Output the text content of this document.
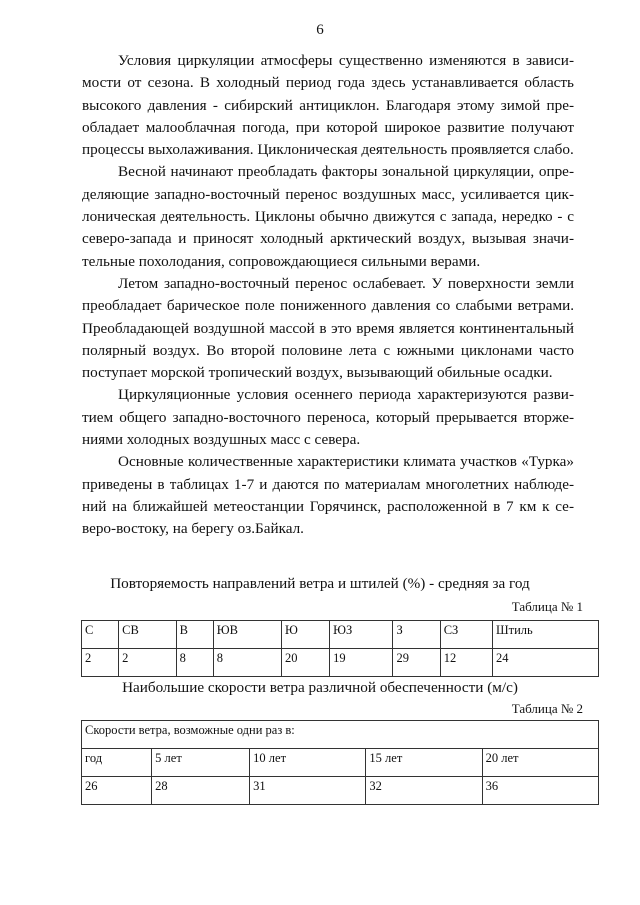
6

Условия циркуляции атмосферы существенно изменяются в зависимости от сезона. В холодный период года здесь устанавливается область высокого давления - сибирский антициклон. Благодаря этому зимой преобладает малооблачная погода, при которой широкое развитие получают процессы выхолаживания. Циклоническая деятельность проявляется слабо.

Весной начинают преобладать факторы зональной циркуляции, определяющие западно-восточный перенос воздушных масс, усиливается циклоническая деятельность. Циклоны обычно движутся с запада, нередко - с северо-запада и приносят холодный арктический воздух, вызывая значительные похолодания, сопровождающиеся сильными верами.

Летом западно-восточный перенос ослабевает. У поверхности земли преобладает барическое поле пониженного давления со слабыми ветрами. Преобладающей воздушной массой в это время является континентальный полярный воздух. Во второй половине лета с южными циклонами часто поступает морской тропический воздух, вызывающий обильные осадки.

Циркуляционные условия осеннего периода характеризуются развитием общего западно-восточного переноса, который прерывается вторжениями холодных воздушных масс с севера.

Основные количественные характеристики климата участков «Турка» приведены в таблицах 1-7 и даются по материалам многолетних наблюдений на ближайшей метеостанции Горячинск, расположенной в 7 км к северо-востоку, на берегу оз.Байкал.

Повторяемость направлений ветра и штилей (%) - средняя за год
Таблица № 1
С	СВ	В	ЮВ	Ю	ЮЗ	З	СЗ	Штиль
2	2	8	8	20	19	29	12	24
Наибольшие скорости ветра различной обеспеченности (м/с)
Таблица № 2
Скорости ветра, возможные одни раз в:				
год	5 лет	10 лет	15 лет	20 лет
26	28	31	32	36
